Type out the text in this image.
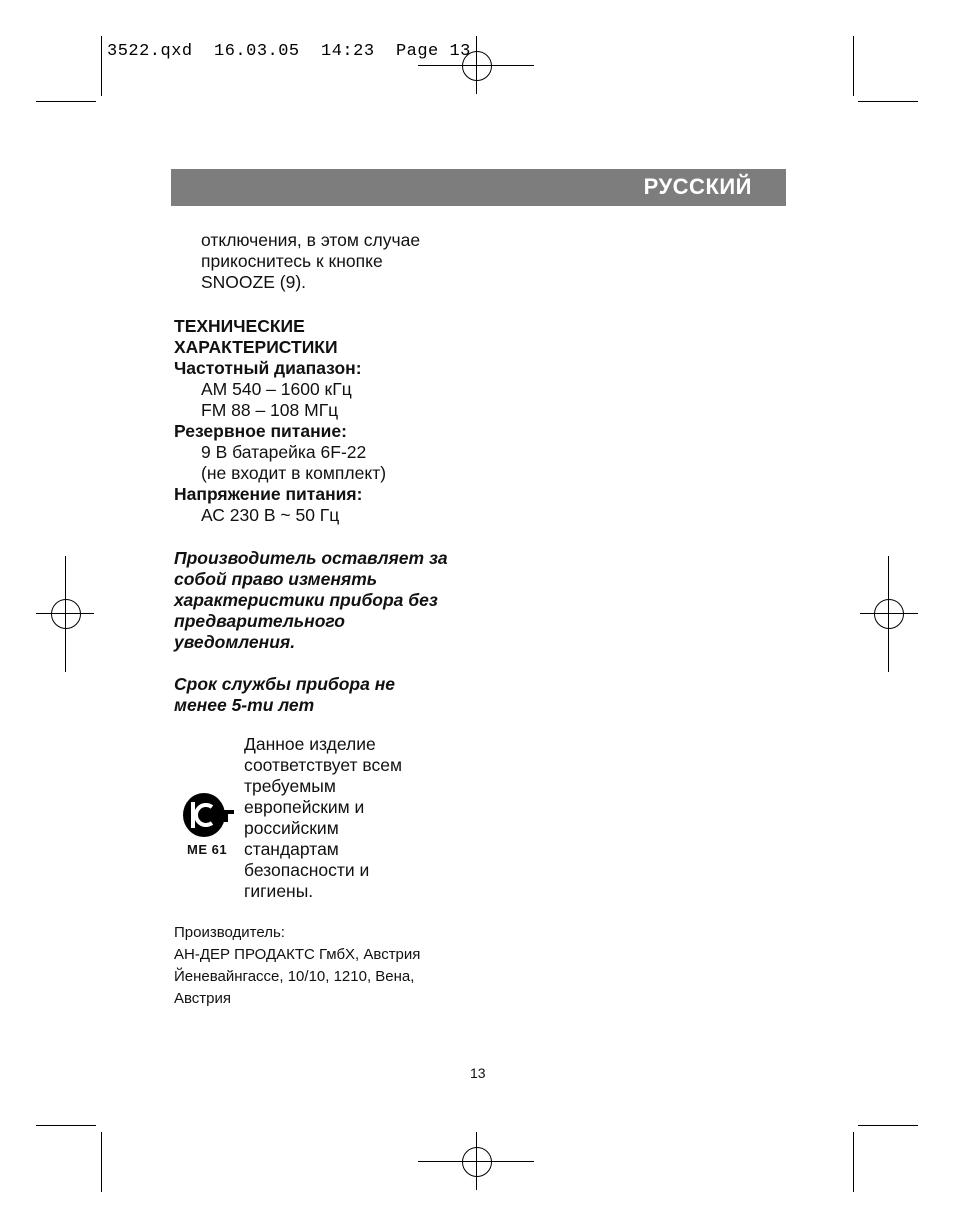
3522.qxd  16.03.05  14:23  Page 13
РУССКИЙ
отключения, в этом случае
прикоснитесь к кнопке
SNOOZE (9).
ТЕХНИЧЕСКИЕ
ХАРАКТЕРИСТИКИ
Частотный диапазон:
АМ 540 – 1600 кГц
FM 88 – 108 МГц
Резервное питание:
9 В батарейка 6F-22
(не входит в комплект)
Напряжение питания:
АС 230 В ~ 50 Гц
Производитель оставляет за
собой право изменять
характеристики прибора без
предварительного
уведомления.
Срок службы прибора не
менее 5-ти лет
МЕ 61
Данное изделие
соответствует всем
требуемым
европейским и
российским
стандартам
безопасности и
гигиены.
Производитель:
АН-ДЕР ПРОДАКТС ГмбХ, Австрия
Йеневайнгассе, 10/10, 1210, Вена,
Австрия
13
